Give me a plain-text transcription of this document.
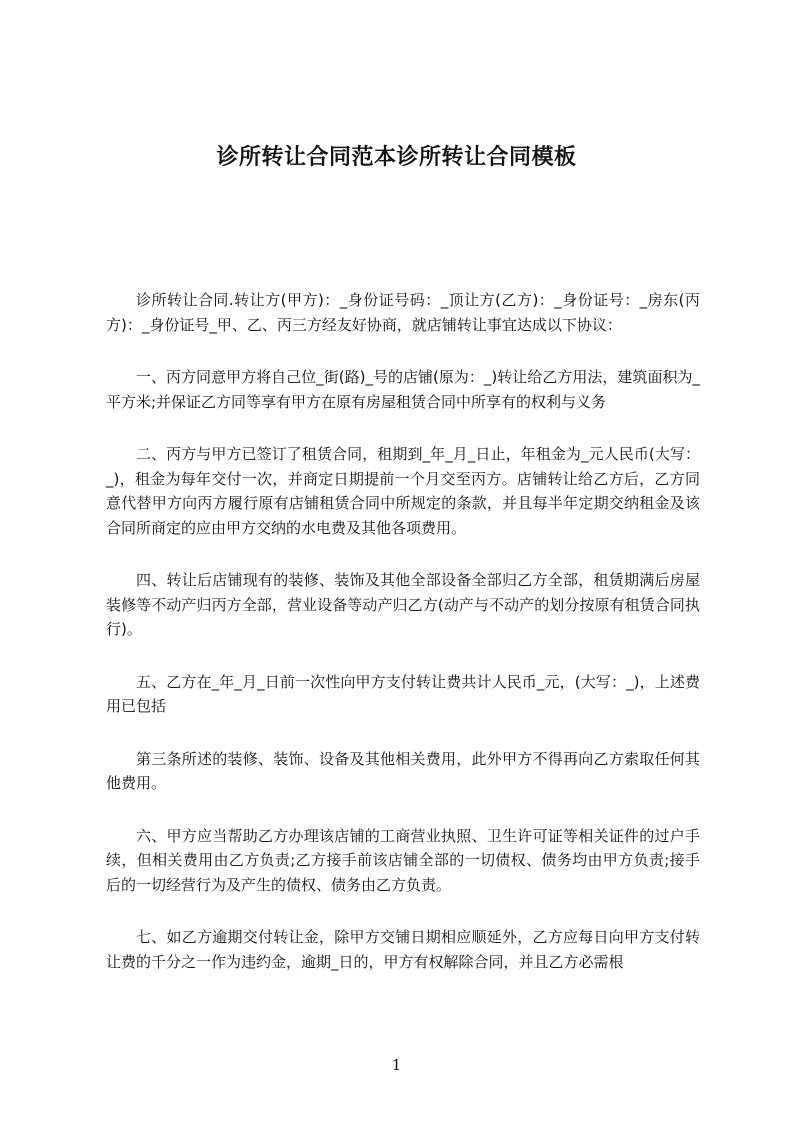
诊所转让合同范本诊所转让合同模板

诊所转让合同.转让方(甲方)：_身份证号码：_顶让方(乙方)：_身份证号：_房东(丙方)：_身份证号_甲、乙、丙三方经友好协商，就店铺转让事宜达成以下协议：

一、丙方同意甲方将自己位_街(路)_号的店铺(原为：_)转让给乙方用法，建筑面积为_平方米;并保证乙方同等享有甲方在原有房屋租赁合同中所享有的权利与义务

二、丙方与甲方已签订了租赁合同，租期到_年_月_日止，年租金为_元人民币(大写：_)，租金为每年交付一次，并商定日期提前一个月交至丙方。店铺转让给乙方后，乙方同意代替甲方向丙方履行原有店铺租赁合同中所规定的条款，并且每半年定期交纳租金及该合同所商定的应由甲方交纳的水电费及其他各项费用。

四、转让后店铺现有的装修、装饰及其他全部设备全部归乙方全部，租赁期满后房屋装修等不动产归丙方全部，营业设备等动产归乙方(动产与不动产的划分按原有租赁合同执行)。

五、乙方在_年_月_日前一次性向甲方支付转让费共计人民币_元，(大写：_)，上述费用已包括

第三条所述的装修、装饰、设备及其他相关费用，此外甲方不得再向乙方索取任何其他费用。

六、甲方应当帮助乙方办理该店铺的工商营业执照、卫生许可证等相关证件的过户手续，但相关费用由乙方负责;乙方接手前该店铺全部的一切债权、债务均由甲方负责;接手后的一切经营行为及产生的债权、债务由乙方负责。

七、如乙方逾期交付转让金，除甲方交铺日期相应顺延外，乙方应每日向甲方支付转让费的千分之一作为违约金，逾期_日的，甲方有权解除合同，并且乙方必需根

1
